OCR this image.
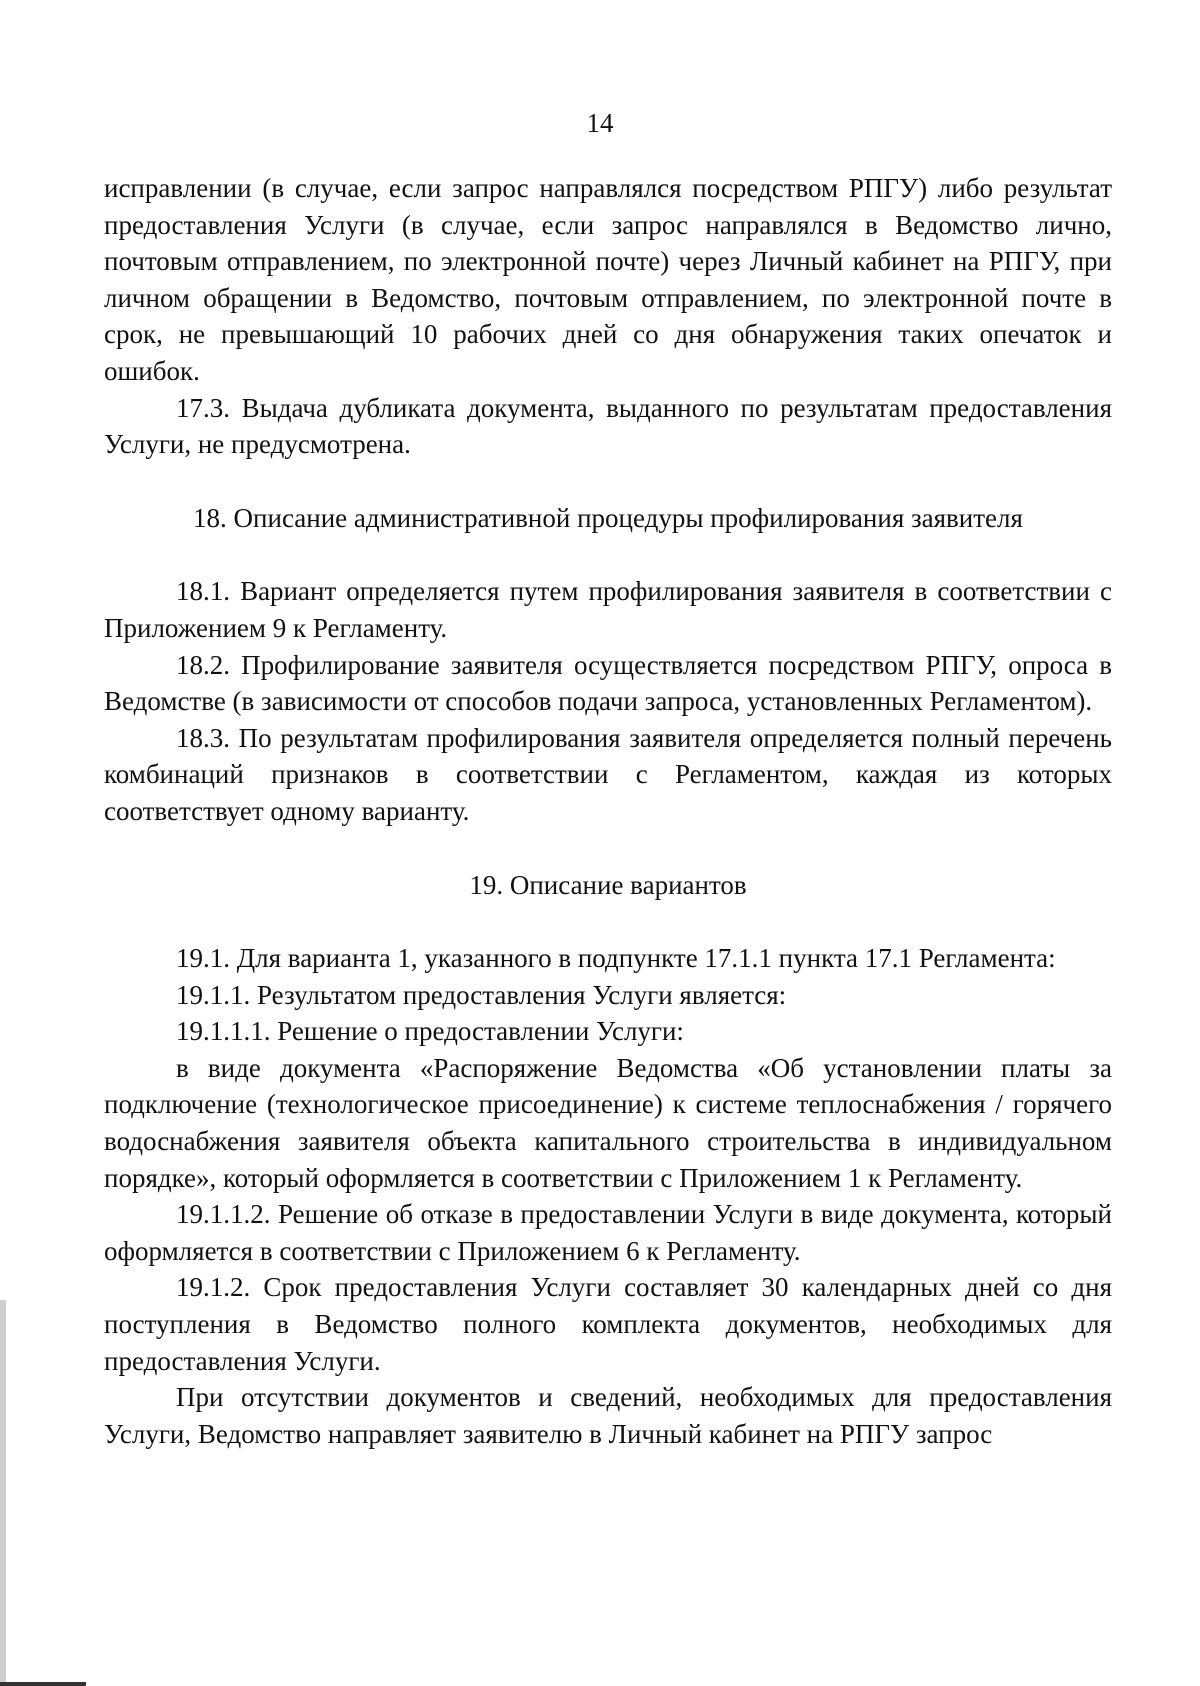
14

исправлении (в случае, если запрос направлялся посредством РПГУ) либо результат предоставления Услуги (в случае, если запрос направлялся в Ведомство лично, почтовым отправлением, по электронной почте) через Личный кабинет на РПГУ, при личном обращении в Ведомство, почтовым отправлением, по электронной почте в срок, не превышающий 10 рабочих дней со дня обнаружения таких опечаток и ошибок.

17.3. Выдача дубликата документа, выданного по результатам предоставления Услуги, не предусмотрена.

18. Описание административной процедуры профилирования заявителя

18.1. Вариант определяется путем профилирования заявителя в соответствии с Приложением 9 к Регламенту.

18.2. Профилирование заявителя осуществляется посредством РПГУ, опроса в Ведомстве (в зависимости от способов подачи запроса, установленных Регламентом).

18.3. По результатам профилирования заявителя определяется полный перечень комбинаций признаков в соответствии с Регламентом, каждая из которых соответствует одному варианту.

19. Описание вариантов

19.1. Для варианта 1, указанного в подпункте 17.1.1 пункта 17.1 Регламента:

19.1.1. Результатом предоставления Услуги является:

19.1.1.1. Решение о предоставлении Услуги:

в виде документа «Распоряжение Ведомства «Об установлении платы за подключение (технологическое присоединение) к системе теплоснабжения / горячего водоснабжения заявителя объекта капитального строительства в индивидуальном порядке», который оформляется в соответствии с Приложением 1 к Регламенту.

19.1.1.2. Решение об отказе в предоставлении Услуги в виде документа, который оформляется в соответствии с Приложением 6 к Регламенту.

19.1.2. Срок предоставления Услуги составляет 30 календарных дней со дня поступления в Ведомство полного комплекта документов, необходимых для предоставления Услуги.

При отсутствии документов и сведений, необходимых для предоставления Услуги, Ведомство направляет заявителю в Личный кабинет на РПГУ запрос
